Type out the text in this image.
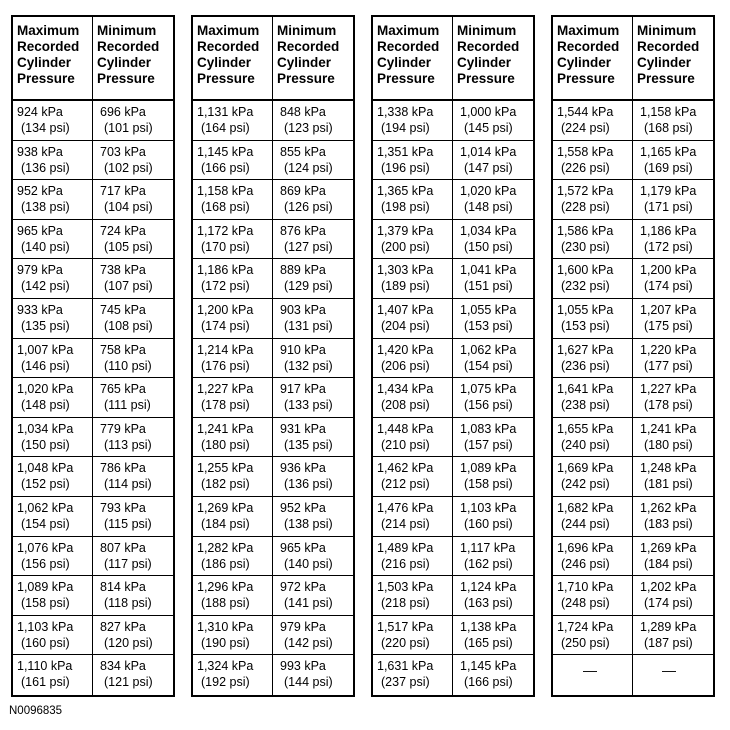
Maximum
Recorded
Cylinder
Pressure
Minimum
Recorded
Cylinder
Pressure
924 kPa
(134 psi)
696 kPa
(101 psi)
938 kPa
(136 psi)
703 kPa
(102 psi)
952 kPa
(138 psi)
717 kPa
(104 psi)
965 kPa
(140 psi)
724 kPa
(105 psi)
979 kPa
(142 psi)
738 kPa
(107 psi)
933 kPa
(135 psi)
745 kPa
(108 psi)
1,007 kPa
(146 psi)
758 kPa
(110 psi)
1,020 kPa
(148 psi)
765 kPa
(111 psi)
1,034 kPa
(150 psi)
779 kPa
(113 psi)
1,048 kPa
(152 psi)
786 kPa
(114 psi)
1,062 kPa
(154 psi)
793 kPa
(115 psi)
1,076 kPa
(156 psi)
807 kPa
(117 psi)
1,089 kPa
(158 psi)
814 kPa
(118 psi)
1,103 kPa
(160 psi)
827 kPa
(120 psi)
1,110 kPa
(161 psi)
834 kPa
(121 psi)
Maximum
Recorded
Cylinder
Pressure
Minimum
Recorded
Cylinder
Pressure
1,131 kPa
(164 psi)
848 kPa
(123 psi)
1,145 kPa
(166 psi)
855 kPa
(124 psi)
1,158 kPa
(168 psi)
869 kPa
(126 psi)
1,172 kPa
(170 psi)
876 kPa
(127 psi)
1,186 kPa
(172 psi)
889 kPa
(129 psi)
1,200 kPa
(174 psi)
903 kPa
(131 psi)
1,214 kPa
(176 psi)
910 kPa
(132 psi)
1,227 kPa
(178 psi)
917 kPa
(133 psi)
1,241 kPa
(180 psi)
931 kPa
(135 psi)
1,255 kPa
(182 psi)
936 kPa
(136 psi)
1,269 kPa
(184 psi)
952 kPa
(138 psi)
1,282 kPa
(186 psi)
965 kPa
(140 psi)
1,296 kPa
(188 psi)
972 kPa
(141 psi)
1,310 kPa
(190 psi)
979 kPa
(142 psi)
1,324 kPa
(192 psi)
993 kPa
(144 psi)
Maximum
Recorded
Cylinder
Pressure
Minimum
Recorded
Cylinder
Pressure
1,338 kPa
(194 psi)
1,000 kPa
(145 psi)
1,351 kPa
(196 psi)
1,014 kPa
(147 psi)
1,365 kPa
(198 psi)
1,020 kPa
(148 psi)
1,379 kPa
(200 psi)
1,034 kPa
(150 psi)
1,303 kPa
(189 psi)
1,041 kPa
(151 psi)
1,407 kPa
(204 psi)
1,055 kPa
(153 psi)
1,420 kPa
(206 psi)
1,062 kPa
(154 psi)
1,434 kPa
(208 psi)
1,075 kPa
(156 psi)
1,448 kPa
(210 psi)
1,083 kPa
(157 psi)
1,462 kPa
(212 psi)
1,089 kPa
(158 psi)
1,476 kPa
(214 psi)
1,103 kPa
(160 psi)
1,489 kPa
(216 psi)
1,117 kPa
(162 psi)
1,503 kPa
(218 psi)
1,124 kPa
(163 psi)
1,517 kPa
(220 psi)
1,138 kPa
(165 psi)
1,631 kPa
(237 psi)
1,145 kPa
(166 psi)
Maximum
Recorded
Cylinder
Pressure
Minimum
Recorded
Cylinder
Pressure
1,544 kPa
(224 psi)
1,158 kPa
(168 psi)
1,558 kPa
(226 psi)
1,165 kPa
(169 psi)
1,572 kPa
(228 psi)
1,179 kPa
(171 psi)
1,586 kPa
(230 psi)
1,186 kPa
(172 psi)
1,600 kPa
(232 psi)
1,200 kPa
(174 psi)
1,055 kPa
(153 psi)
1,207 kPa
(175 psi)
1,627 kPa
(236 psi)
1,220 kPa
(177 psi)
1,641 kPa
(238 psi)
1,227 kPa
(178 psi)
1,655 kPa
(240 psi)
1,241 kPa
(180 psi)
1,669 kPa
(242 psi)
1,248 kPa
(181 psi)
1,682 kPa
(244 psi)
1,262 kPa
(183 psi)
1,696 kPa
(246 psi)
1,269 kPa
(184 psi)
1,710 kPa
(248 psi)
1,202 kPa
(174 psi)
1,724 kPa
(250 psi)
1,289 kPa
(187 psi)
—	—
N0096835
